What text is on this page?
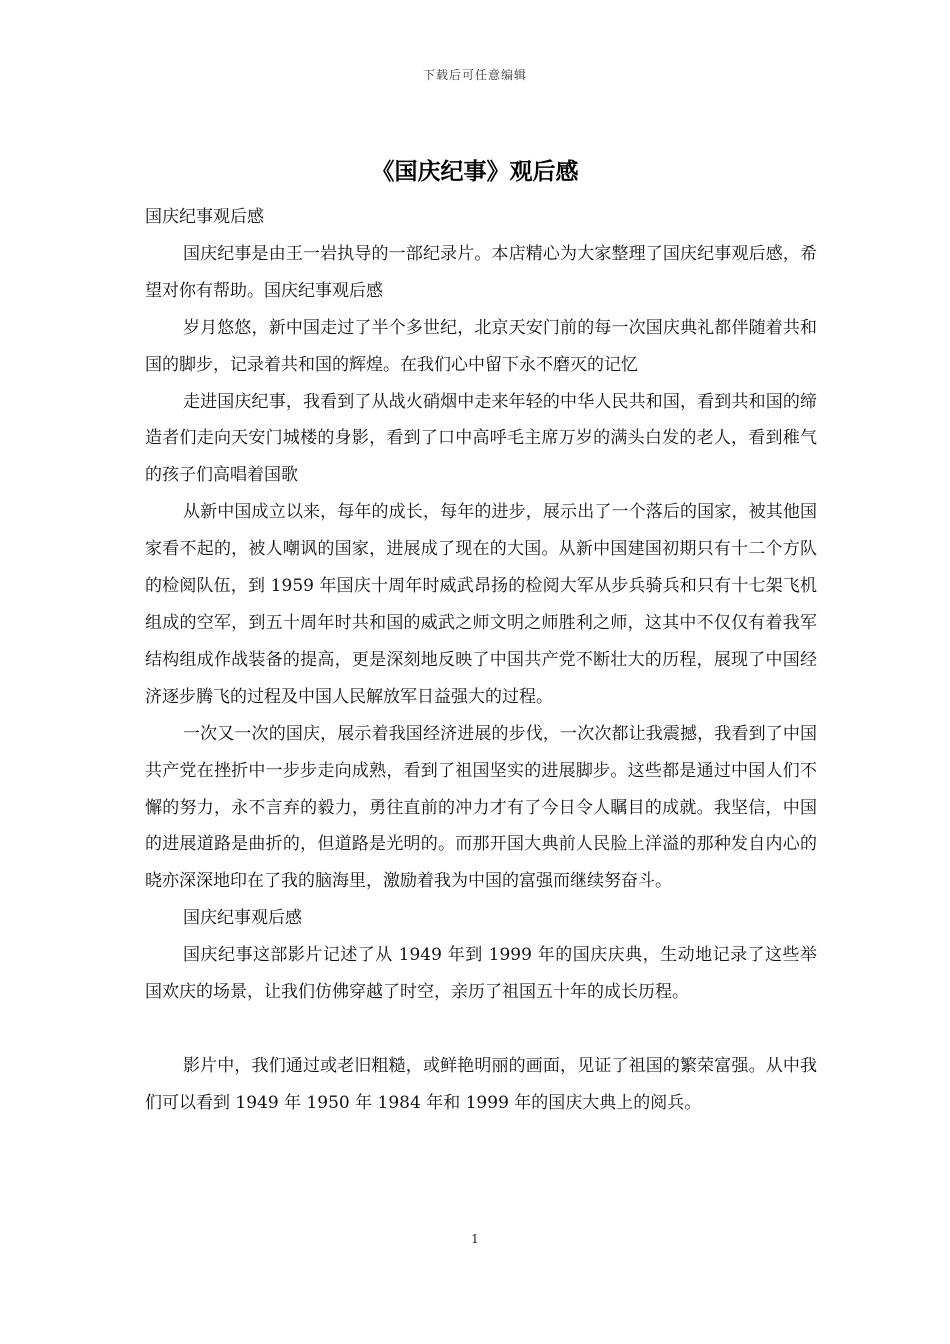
下载后可任意编辑
《国庆纪事》观后感

国庆纪事观后感

国庆纪事是由王一岩执导的一部纪录片。本店精心为大家整理了国庆纪事观后感，希望对你有帮助。国庆纪事观后感

岁月悠悠，新中国走过了半个多世纪，北京天安门前的每一次国庆典礼都伴随着共和国的脚步，记录着共和国的辉煌。在我们心中留下永不磨灭的记忆

走进国庆纪事，我看到了从战火硝烟中走来年轻的中华人民共和国，看到共和国的缔造者们走向天安门城楼的身影，看到了口中高呼毛主席万岁的满头白发的老人，看到稚气的孩子们高唱着国歌

从新中国成立以来，每年的成长，每年的进步，展示出了一个落后的国家，被其他国家看不起的，被人嘲讽的国家，进展成了现在的大国。从新中国建国初期只有十二个方队的检阅队伍，到 1959 年国庆十周年时威武昂扬的检阅大军从步兵骑兵和只有十七架飞机组成的空军，到五十周年时共和国的威武之师文明之师胜利之师，这其中不仅仅有着我军结构组成作战装备的提高，更是深刻地反映了中国共产党不断壮大的历程，展现了中国经济逐步腾飞的过程及中国人民解放军日益强大的过程。

一次又一次的国庆，展示着我国经济进展的步伐，一次次都让我震撼，我看到了中国共产党在挫折中一步步走向成熟，看到了祖国坚实的进展脚步。这些都是通过中国人们不懈的努力，永不言弃的毅力，勇往直前的冲力才有了今日令人瞩目的成就。我坚信，中国的进展道路是曲折的，但道路是光明的。而那开国大典前人民脸上洋溢的那种发自内心的晓亦深深地印在了我的脑海里，激励着我为中国的富强而继续努奋斗。

国庆纪事观后感

国庆纪事这部影片记述了从 1949 年到 1999 年的国庆庆典，生动地记录了这些举国欢庆的场景，让我们仿佛穿越了时空，亲历了祖国五十年的成长历程。

影片中，我们通过或老旧粗糙，或鲜艳明丽的画面，见证了祖国的繁荣富强。从中我们可以看到 1949 年 1950 年 1984 年和 1999 年的国庆大典上的阅兵。

1
